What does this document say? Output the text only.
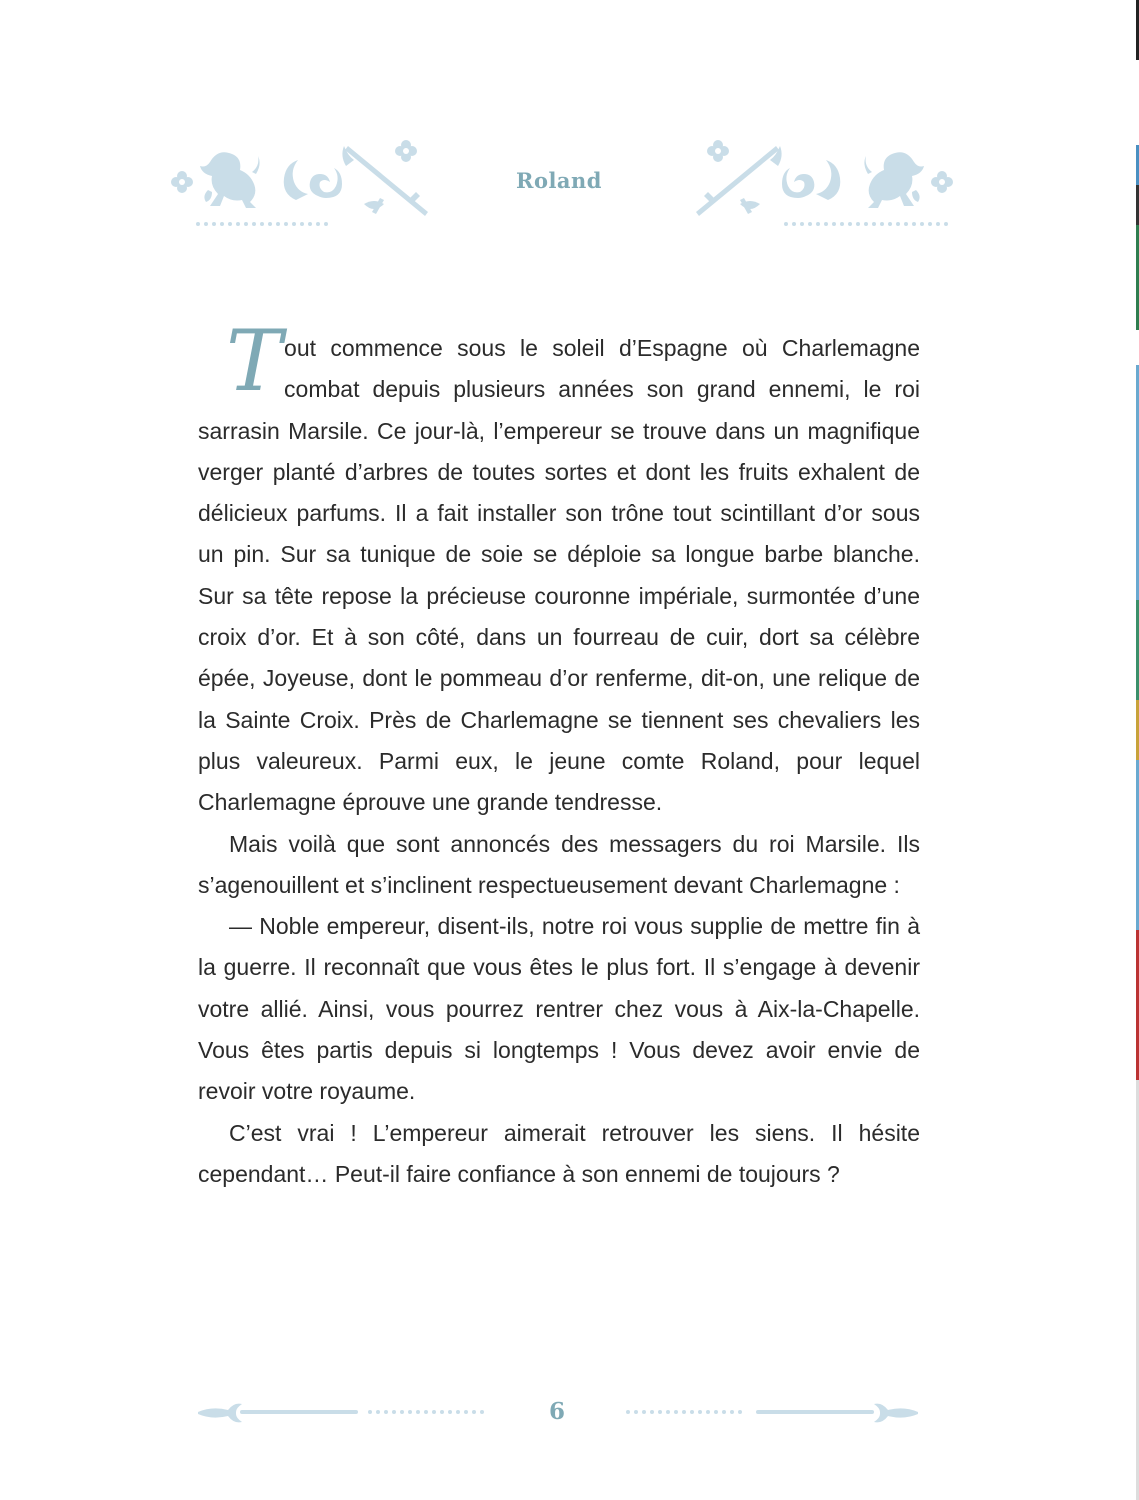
Roland

Tout commence sous le soleil d’Espagne où Charlemagne combat depuis plusieurs années son grand ennemi, le roi sarrasin Marsile. Ce jour-là, l’empereur se trouve dans un magnifique verger planté d’arbres de toutes sortes et dont les fruits exhalent de délicieux parfums. Il a fait installer son trône tout scintillant d’or sous un pin. Sur sa tunique de soie se déploie sa longue barbe blanche. Sur sa tête repose la précieuse couronne impériale, surmontée d’une croix d’or. Et à son côté, dans un fourreau de cuir, dort sa célèbre épée, Joyeuse, dont le pommeau d’or renferme, dit-on, une relique de la Sainte Croix. Près de Charlemagne se tiennent ses chevaliers les plus valeureux. Parmi eux, le jeune comte Roland, pour lequel Charlemagne éprouve une grande tendresse.

Mais voilà que sont annoncés des messagers du roi Marsile. Ils s’agenouillent et s’inclinent respectueusement devant Charlemagne :

— Noble empereur, disent-ils, notre roi vous supplie de mettre fin à la guerre. Il reconnaît que vous êtes le plus fort. Il s’engage à devenir votre allié. Ainsi, vous pourrez rentrer chez vous à Aix-la-Chapelle. Vous êtes partis depuis si longtemps ! Vous devez avoir envie de revoir votre royaume.

C’est vrai ! L’empereur aimerait retrouver les siens. Il hésite cependant… Peut-il faire confiance à son ennemi de toujours ?

6
